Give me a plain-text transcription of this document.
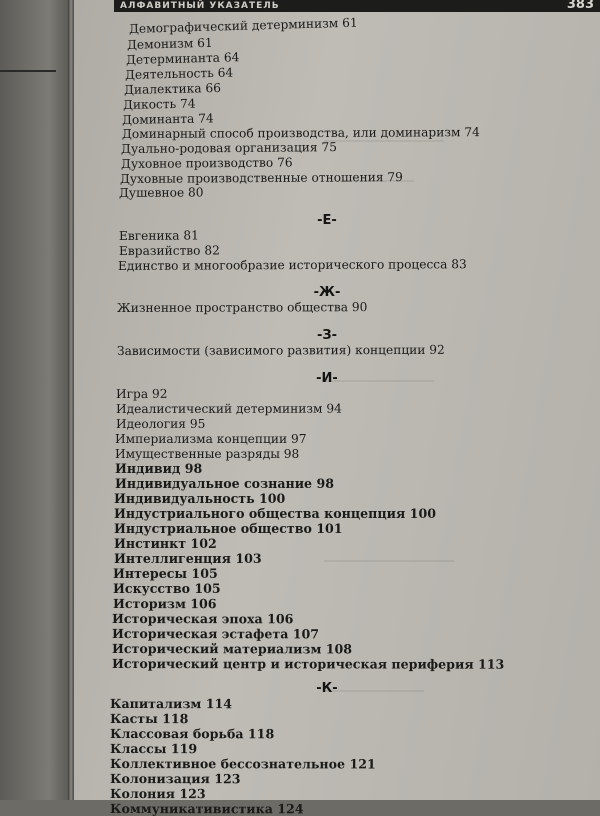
АЛФАВИТНЫЙ УКАЗАТЕЛЬ	383
Демографический детерминизм 61
Демонизм 61
Детерминанта 64
Деятельность 64
Диалектика 66
Дикость 74
Доминанта 74
Доминарный способ производства, или доминаризм 74
Дуально-родовая организация 75
Духовное производство 76
Духовные производственные отношения 79
Душевное 80
-Е-
Евгеника 81
Евразийство 82
Единство и многообразие исторического процесса 83
-Ж-
Жизненное пространство общества 90
-З-
Зависимости (зависимого развития) концепции 92
-И-
Игра 92
Идеалистический детерминизм 94
Идеология 95
Империализма концепции 97
Имущественные разряды 98
Индивид 98
Индивидуальное сознание 98
Индивидуальность 100
Индустриального общества концепция 100
Индустриальное общество 101
Инстинкт 102
Интеллигенция 103
Интересы 105
Искусство 105
Историзм 106
Историческая эпоха 106
Историческая эстафета 107
Исторический материализм 108
Исторический центр и историческая периферия 113
-К-
Капитализм 114
Касты 118
Классовая борьба 118
Классы 119
Коллективное бессознательное 121
Колонизация 123
Колония 123
Коммуникативистика 124
